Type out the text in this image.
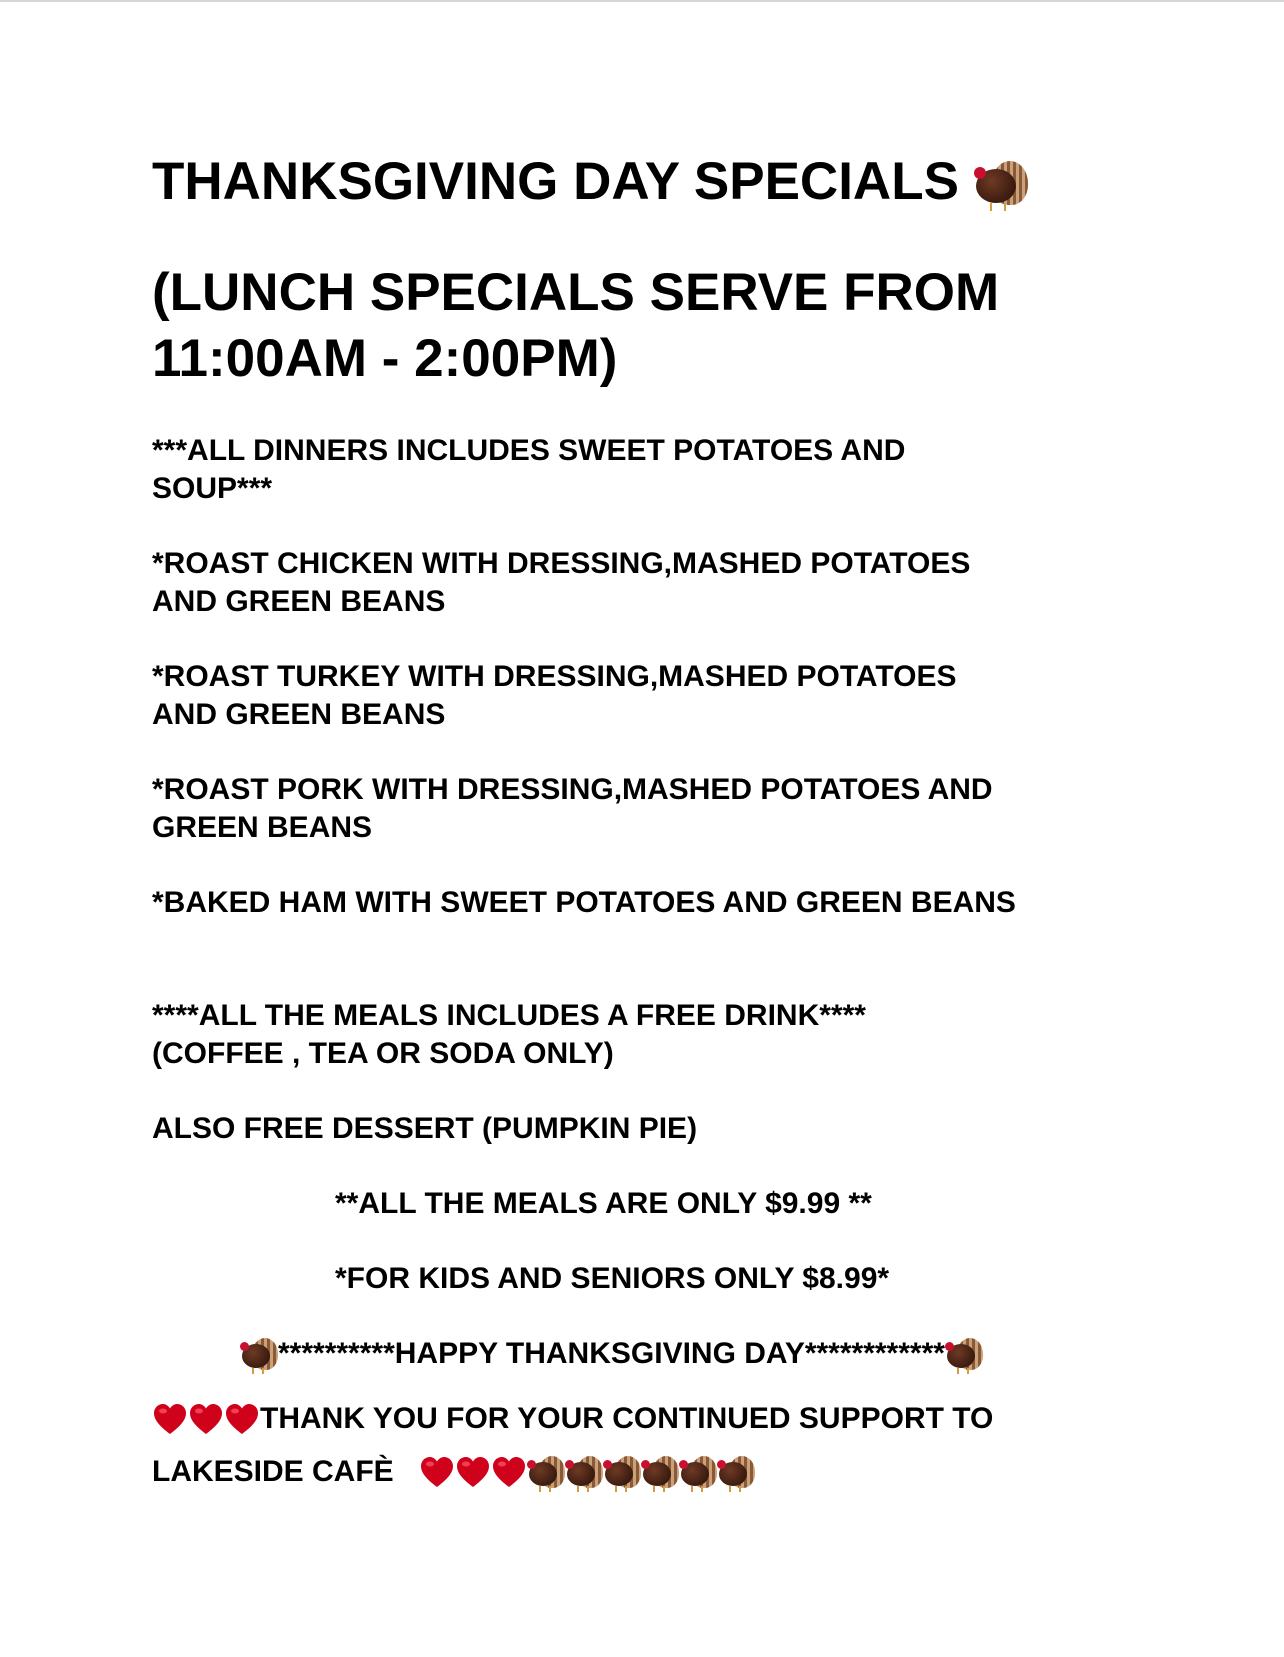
THANKSGIVING DAY SPECIALS
(LUNCH SPECIALS SERVE FROM
11:00AM - 2:00PM)

***ALL DINNERS INCLUDES SWEET POTATOES AND
SOUP***

*ROAST CHICKEN WITH DRESSING,MASHED POTATOES
AND GREEN BEANS

*ROAST TURKEY WITH DRESSING,MASHED POTATOES
AND GREEN BEANS

*ROAST PORK WITH DRESSING,MASHED POTATOES AND
GREEN BEANS

*BAKED HAM WITH SWEET POTATOES AND GREEN BEANS

****ALL THE MEALS INCLUDES A FREE DRINK****
(COFFEE , TEA OR SODA ONLY)

ALSO FREE DESSERT (PUMPKIN PIE)

**ALL THE MEALS ARE ONLY $9.99 **

*FOR KIDS AND SENIORS ONLY $8.99*

**********HAPPY THANKSGIVING DAY************

THANK YOU FOR YOUR CONTINUED SUPPORT TO
LAKESIDE CAFÈ
